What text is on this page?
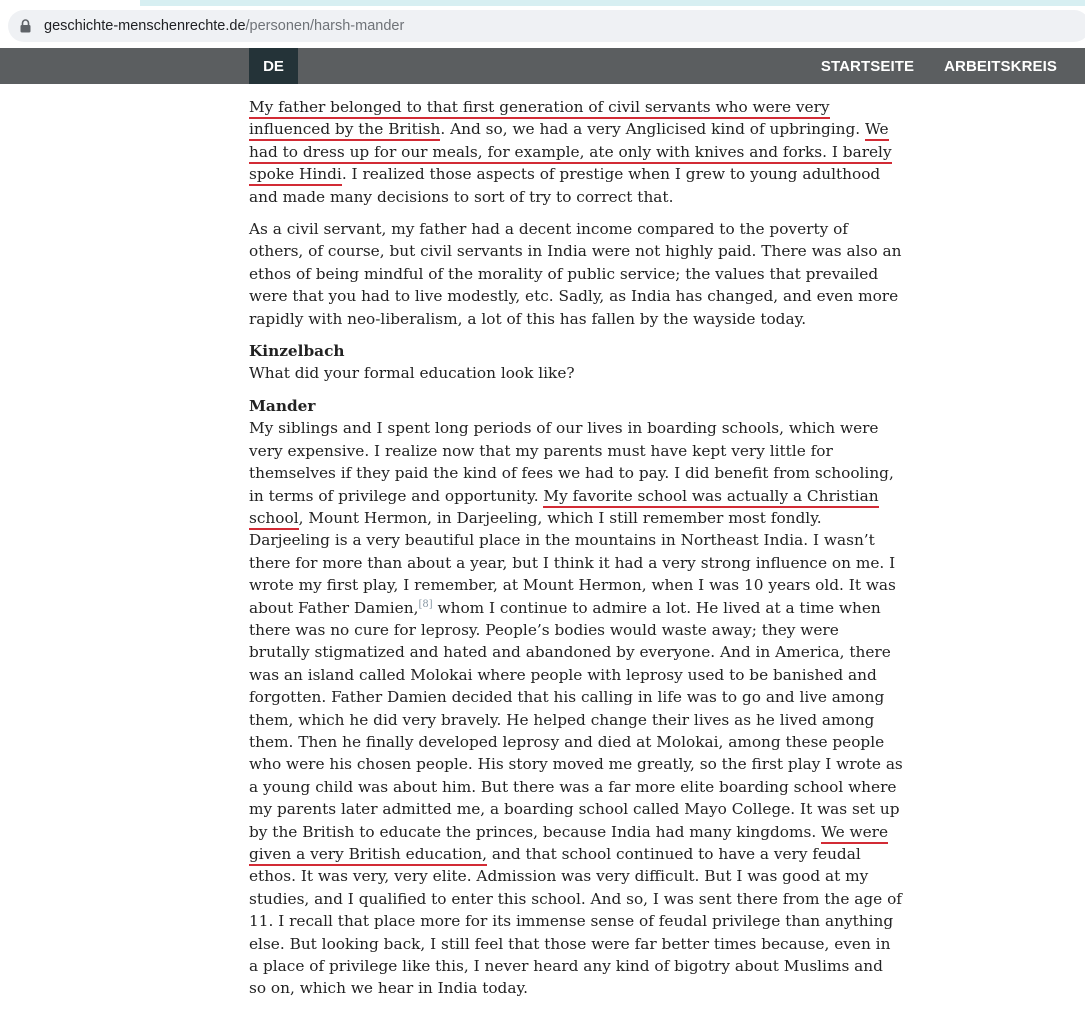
geschichte-menschenrechte.de /personen/harsh-mander
DE	STARTSEITE ARBEITSKREIS

My father belonged to that first generation of civil servants who were very influenced by the British. And so, we had a very Anglicised kind of upbringing. We had to dress up for our meals, for example, ate only with knives and forks. I barely spoke Hindi. I realized those aspects of prestige when I grew to young adulthood and made many decisions to sort of try to correct that.

As a civil servant, my father had a decent income compared to the poverty of others, of course, but civil servants in India were not highly paid. There was also an ethos of being mindful of the morality of public service; the values that prevailed were that you had to live modestly, etc. Sadly, as India has changed, and even more rapidly with neo-liberalism, a lot of this has fallen by the wayside today.

Kinzelbach
What did your formal education look like?

Mander
My siblings and I spent long periods of our lives in boarding schools, which were very expensive. I realize now that my parents must have kept very little for themselves if they paid the kind of fees we had to pay. I did benefit from schooling, in terms of privilege and opportunity. My favorite school was actually a Christian school, Mount Hermon, in Darjeeling, which I still remember most fondly. Darjeeling is a very beautiful place in the mountains in Northeast India. I wasn’t there for more than about a year, but I think it had a very strong influence on me. I wrote my first play, I remember, at Mount Hermon, when I was 10 years old. It was about Father Damien,[8] whom I continue to admire a lot. He lived at a time when there was no cure for leprosy. People’s bodies would waste away; they were brutally stigmatized and hated and abandoned by everyone. And in America, there was an island called Molokai where people with leprosy used to be banished and forgotten. Father Damien decided that his calling in life was to go and live among them, which he did very bravely. He helped change their lives as he lived among them. Then he finally developed leprosy and died at Molokai, among these people who were his chosen people. His story moved me greatly, so the first play I wrote as a young child was about him. But there was a far more elite boarding school where my parents later admitted me, a boarding school called Mayo College. It was set up by the British to educate the princes, because India had many kingdoms. We were given a very British education, and that school continued to have a very feudal ethos. It was very, very elite. Admission was very difficult. But I was good at my studies, and I qualified to enter this school. And so, I was sent there from the age of 11. I recall that place more for its immense sense of feudal privilege than anything else. But looking back, I still feel that those were far better times because, even in a place of privilege like this, I never heard any kind of bigotry about Muslims and so on, which we hear in India today.
